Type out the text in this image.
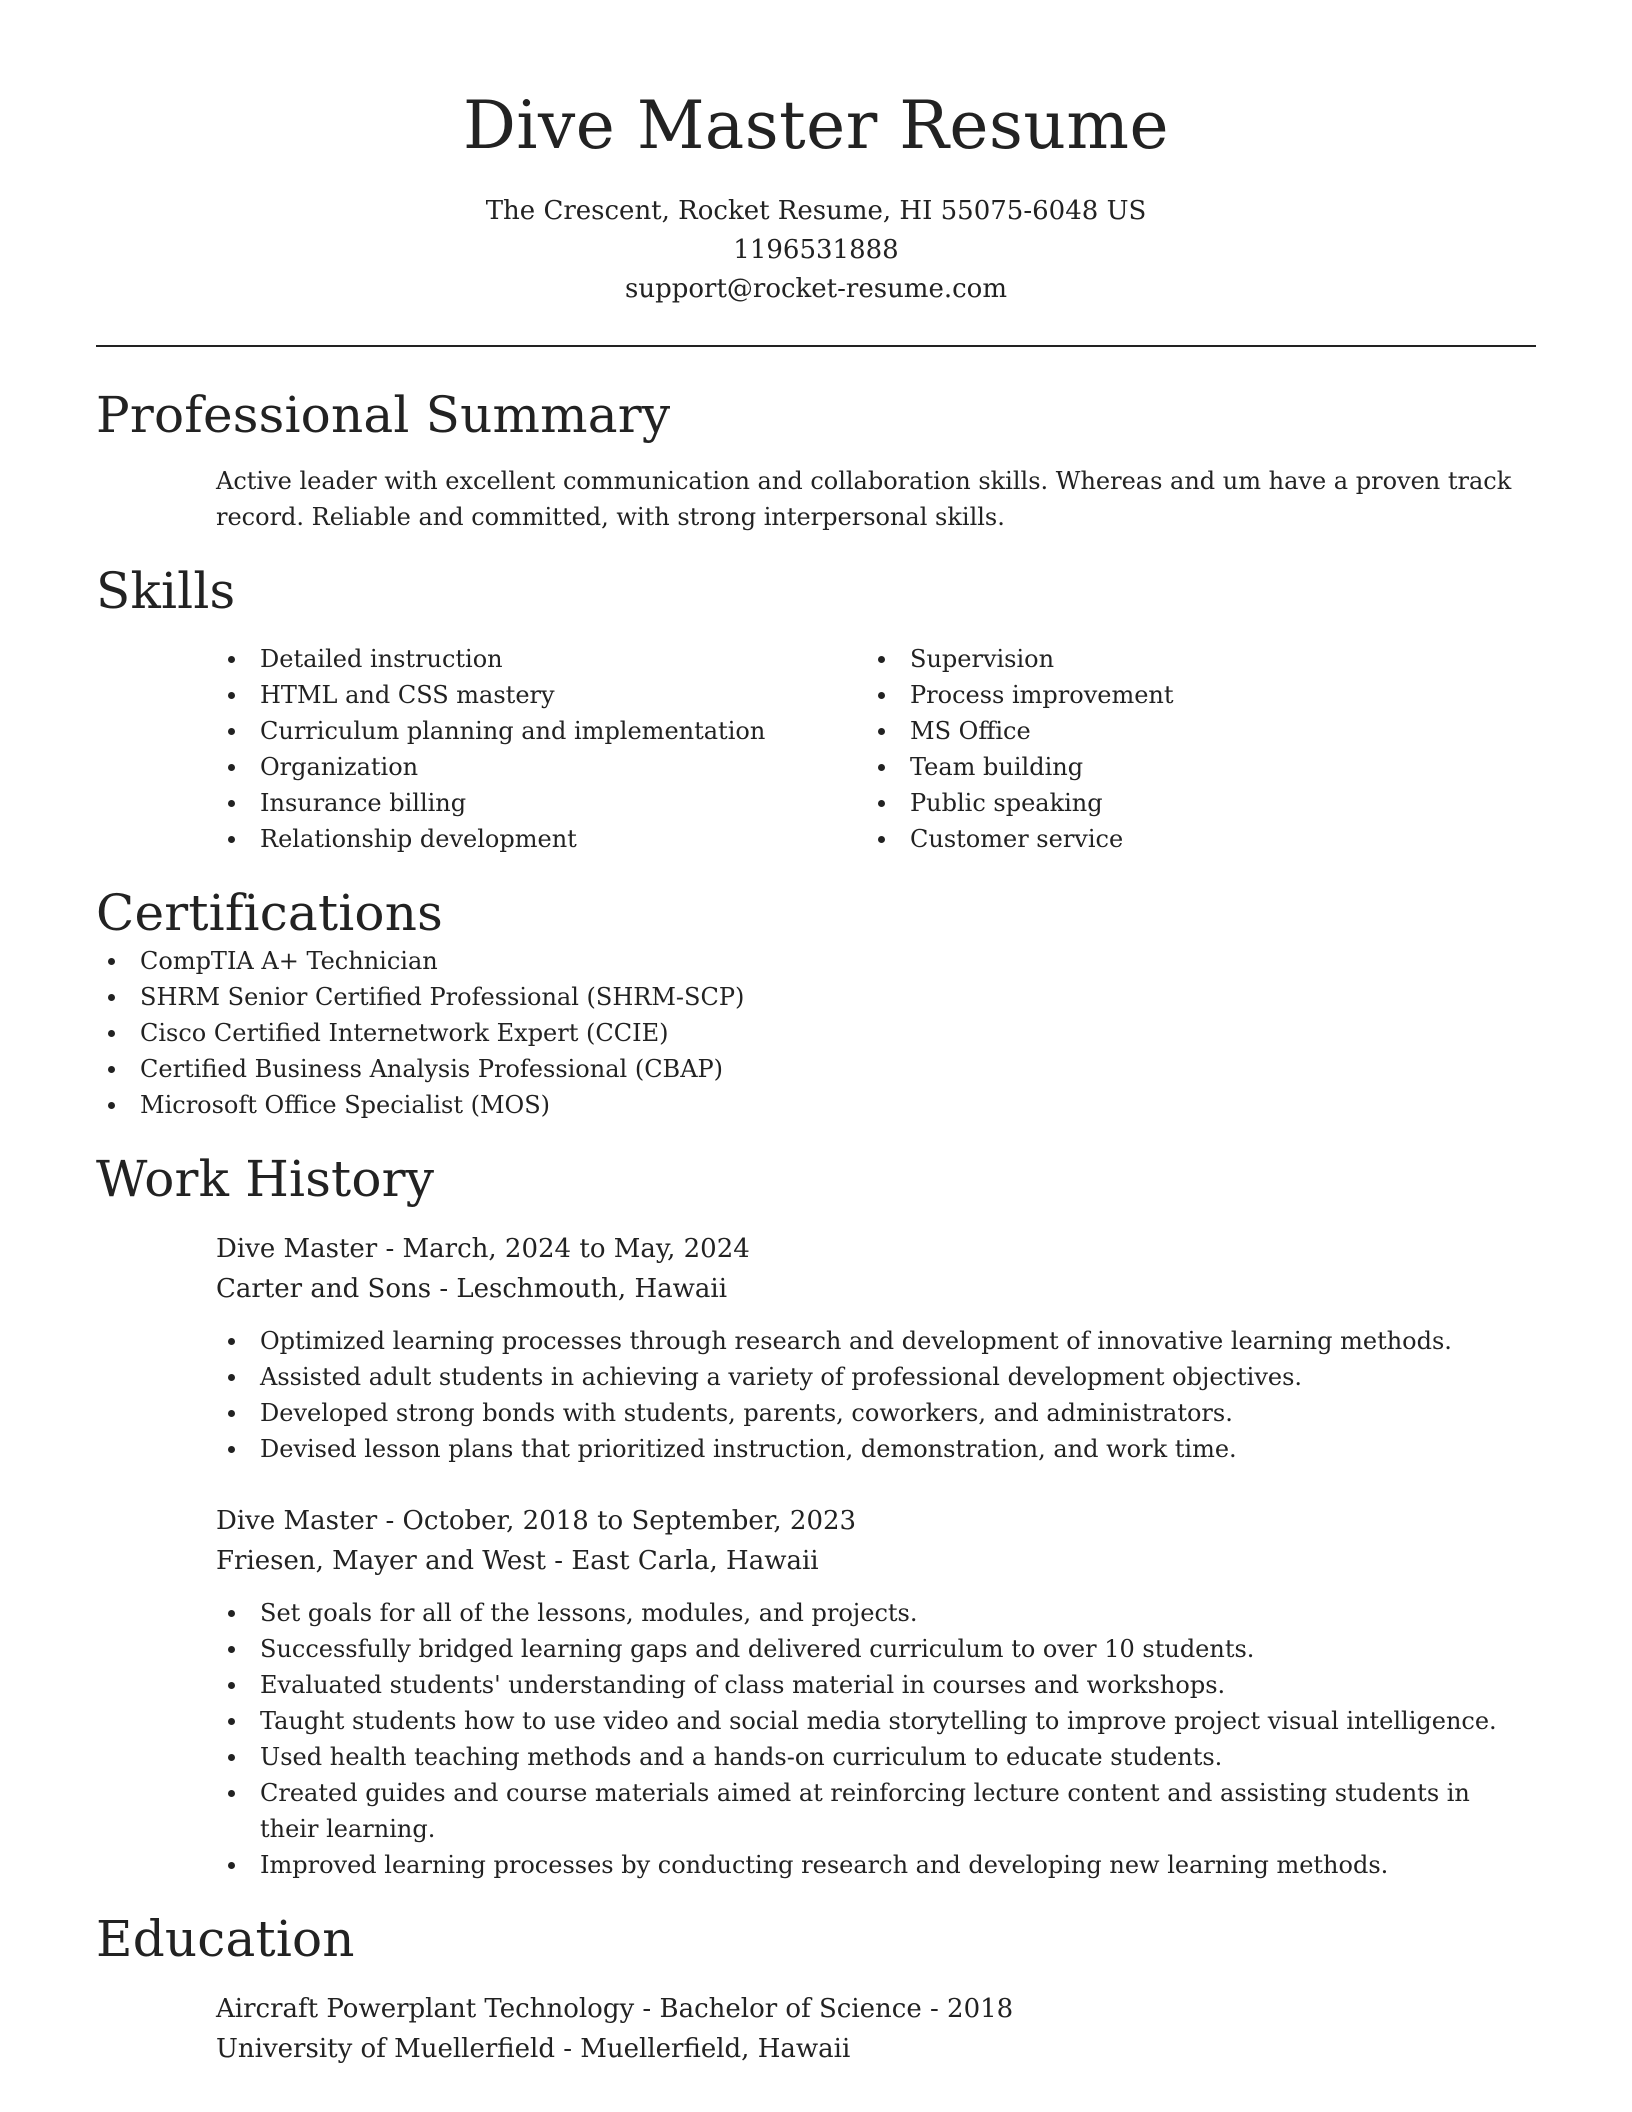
Dive Master Resume
The Crescent, Rocket Resume, HI 55075-6048 US
1196531888
support@rocket-resume.com
Professional Summary

Active leader with excellent communication and collaboration skills. Whereas and um have a proven track record. Reliable and committed, with strong interpersonal skills.

Skills
Detailed instruction
HTML and CSS mastery
Curriculum planning and implementation
Organization
Insurance billing
Relationship development
Supervision
Process improvement
MS Office
Team building
Public speaking
Customer service
Certifications
CompTIA A+ Technician
SHRM Senior Certified Professional (SHRM-SCP)
Cisco Certified Internetwork Expert (CCIE)
Certified Business Analysis Professional (CBAP)
Microsoft Office Specialist (MOS)
Work History
Dive Master - March, 2024 to May, 2024
Carter and Sons - Leschmouth, Hawaii
Optimized learning processes through research and development of innovative learning methods.
Assisted adult students in achieving a variety of professional development objectives.
Developed strong bonds with students, parents, coworkers, and administrators.
Devised lesson plans that prioritized instruction, demonstration, and work time.
Dive Master - October, 2018 to September, 2023
Friesen, Mayer and West - East Carla, Hawaii
Set goals for all of the lessons, modules, and projects.
Successfully bridged learning gaps and delivered curriculum to over 10 students.
Evaluated students' understanding of class material in courses and workshops.
Taught students how to use video and social media storytelling to improve project visual intelligence.
Used health teaching methods and a hands-on curriculum to educate students.
Created guides and course materials aimed at reinforcing lecture content and assisting students in their learning.
Improved learning processes by conducting research and developing new learning methods.
Education
Aircraft Powerplant Technology - Bachelor of Science - 2018
University of Muellerfield - Muellerfield, Hawaii
